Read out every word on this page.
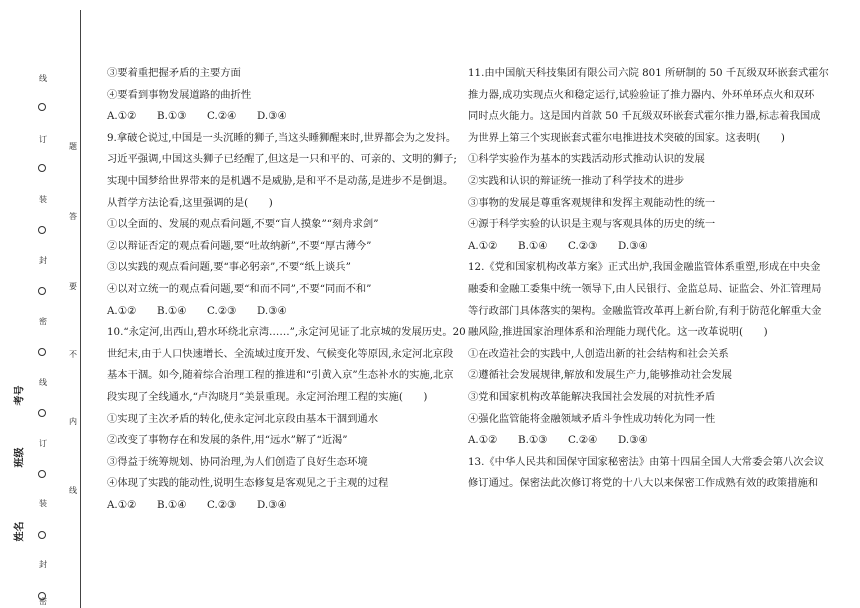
线
订
装
封
密
线
订
装
封
密
题
答
要
不
内
线
姓名
班级
考号

③要着重把握矛盾的主要方面

④要看到事物发展道路的曲折性

A.①② B.①③ C.②④ D.③④

9.拿破仑说过,中国是一头沉睡的狮子,当这头睡狮醒来时,世界都会为之发抖。

习近平强调,中国这头狮子已经醒了,但这是一只和平的、可亲的、文明的狮子;

实现中国梦给世界带来的是机遇不是威胁,是和平不是动荡,是进步不是倒退。

从哲学方法论看,这里强调的是(　　)

①以全面的、发展的观点看问题,不要“盲人摸象”“刻舟求剑”

②以辩证否定的观点看问题,要“吐故纳新”,不要“厚古薄今”

③以实践的观点看问题,要“事必躬亲”,不要“纸上谈兵”

④以对立统一的观点看问题,要“和而不同”,不要“同而不和”

A.①② B.①④ C.②③ D.③④

10.“永定河,出西山,碧水环绕北京湾……”,永定河见证了北京城的发展历史。20

世纪末,由于人口快速增长、全流域过度开发、气候变化等原因,永定河北京段

基本干涸。如今,随着综合治理工程的推进和“引黄入京”生态补水的实施,北京

段实现了全线通水,“卢沟晓月”美景重现。永定河治理工程的实施(　　)

①实现了主次矛盾的转化,使永定河北京段由基本干涸到通水

②改变了事物存在和发展的条件,用“远水”解了“近渴”

③得益于统筹规划、协同治理,为人们创造了良好生态环境

④体现了实践的能动性,说明生态修复是客观见之于主观的过程

A.①② B.①④ C.②③ D.③④

11.由中国航天科技集团有限公司六院 801 所研制的 50 千瓦级双环嵌套式霍尔

推力器,成功实现点火和稳定运行,试验验证了推力器内、外环单环点火和双环

同时点火能力。这是国内首款 50 千瓦级双环嵌套式霍尔推力器,标志着我国成

为世界上第三个实现嵌套式霍尔电推进技术突破的国家。这表明(　　)

①科学实验作为基本的实践活动形式推动认识的发展

②实践和认识的辩证统一推动了科学技术的进步

③事物的发展是尊重客观规律和发挥主观能动性的统一

④源于科学实验的认识是主观与客观具体的历史的统一

A.①② B.①④ C.②③ D.③④

12.《党和国家机构改革方案》正式出炉,我国金融监管体系重塑,形成在中央金

融委和金融工委集中统一领导下,由人民银行、金监总局、证监会、外汇管理局

等行政部门具体落实的架构。金融监管改革再上新台阶,有利于防范化解重大金

融风险,推进国家治理体系和治理能力现代化。这一改革说明(　　)

①在改造社会的实践中,人创造出新的社会结构和社会关系

②遵循社会发展规律,解放和发展生产力,能够推动社会发展

③党和国家机构改革能解决我国社会发展的对抗性矛盾

④强化监管能将金融领域矛盾斗争性成功转化为同一性

A.①② B.①③ C.②④ D.③④

13.《中华人民共和国保守国家秘密法》由第十四届全国人大常委会第八次会议

修订通过。保密法此次修订将党的十八大以来保密工作成熟有效的政策措施和
